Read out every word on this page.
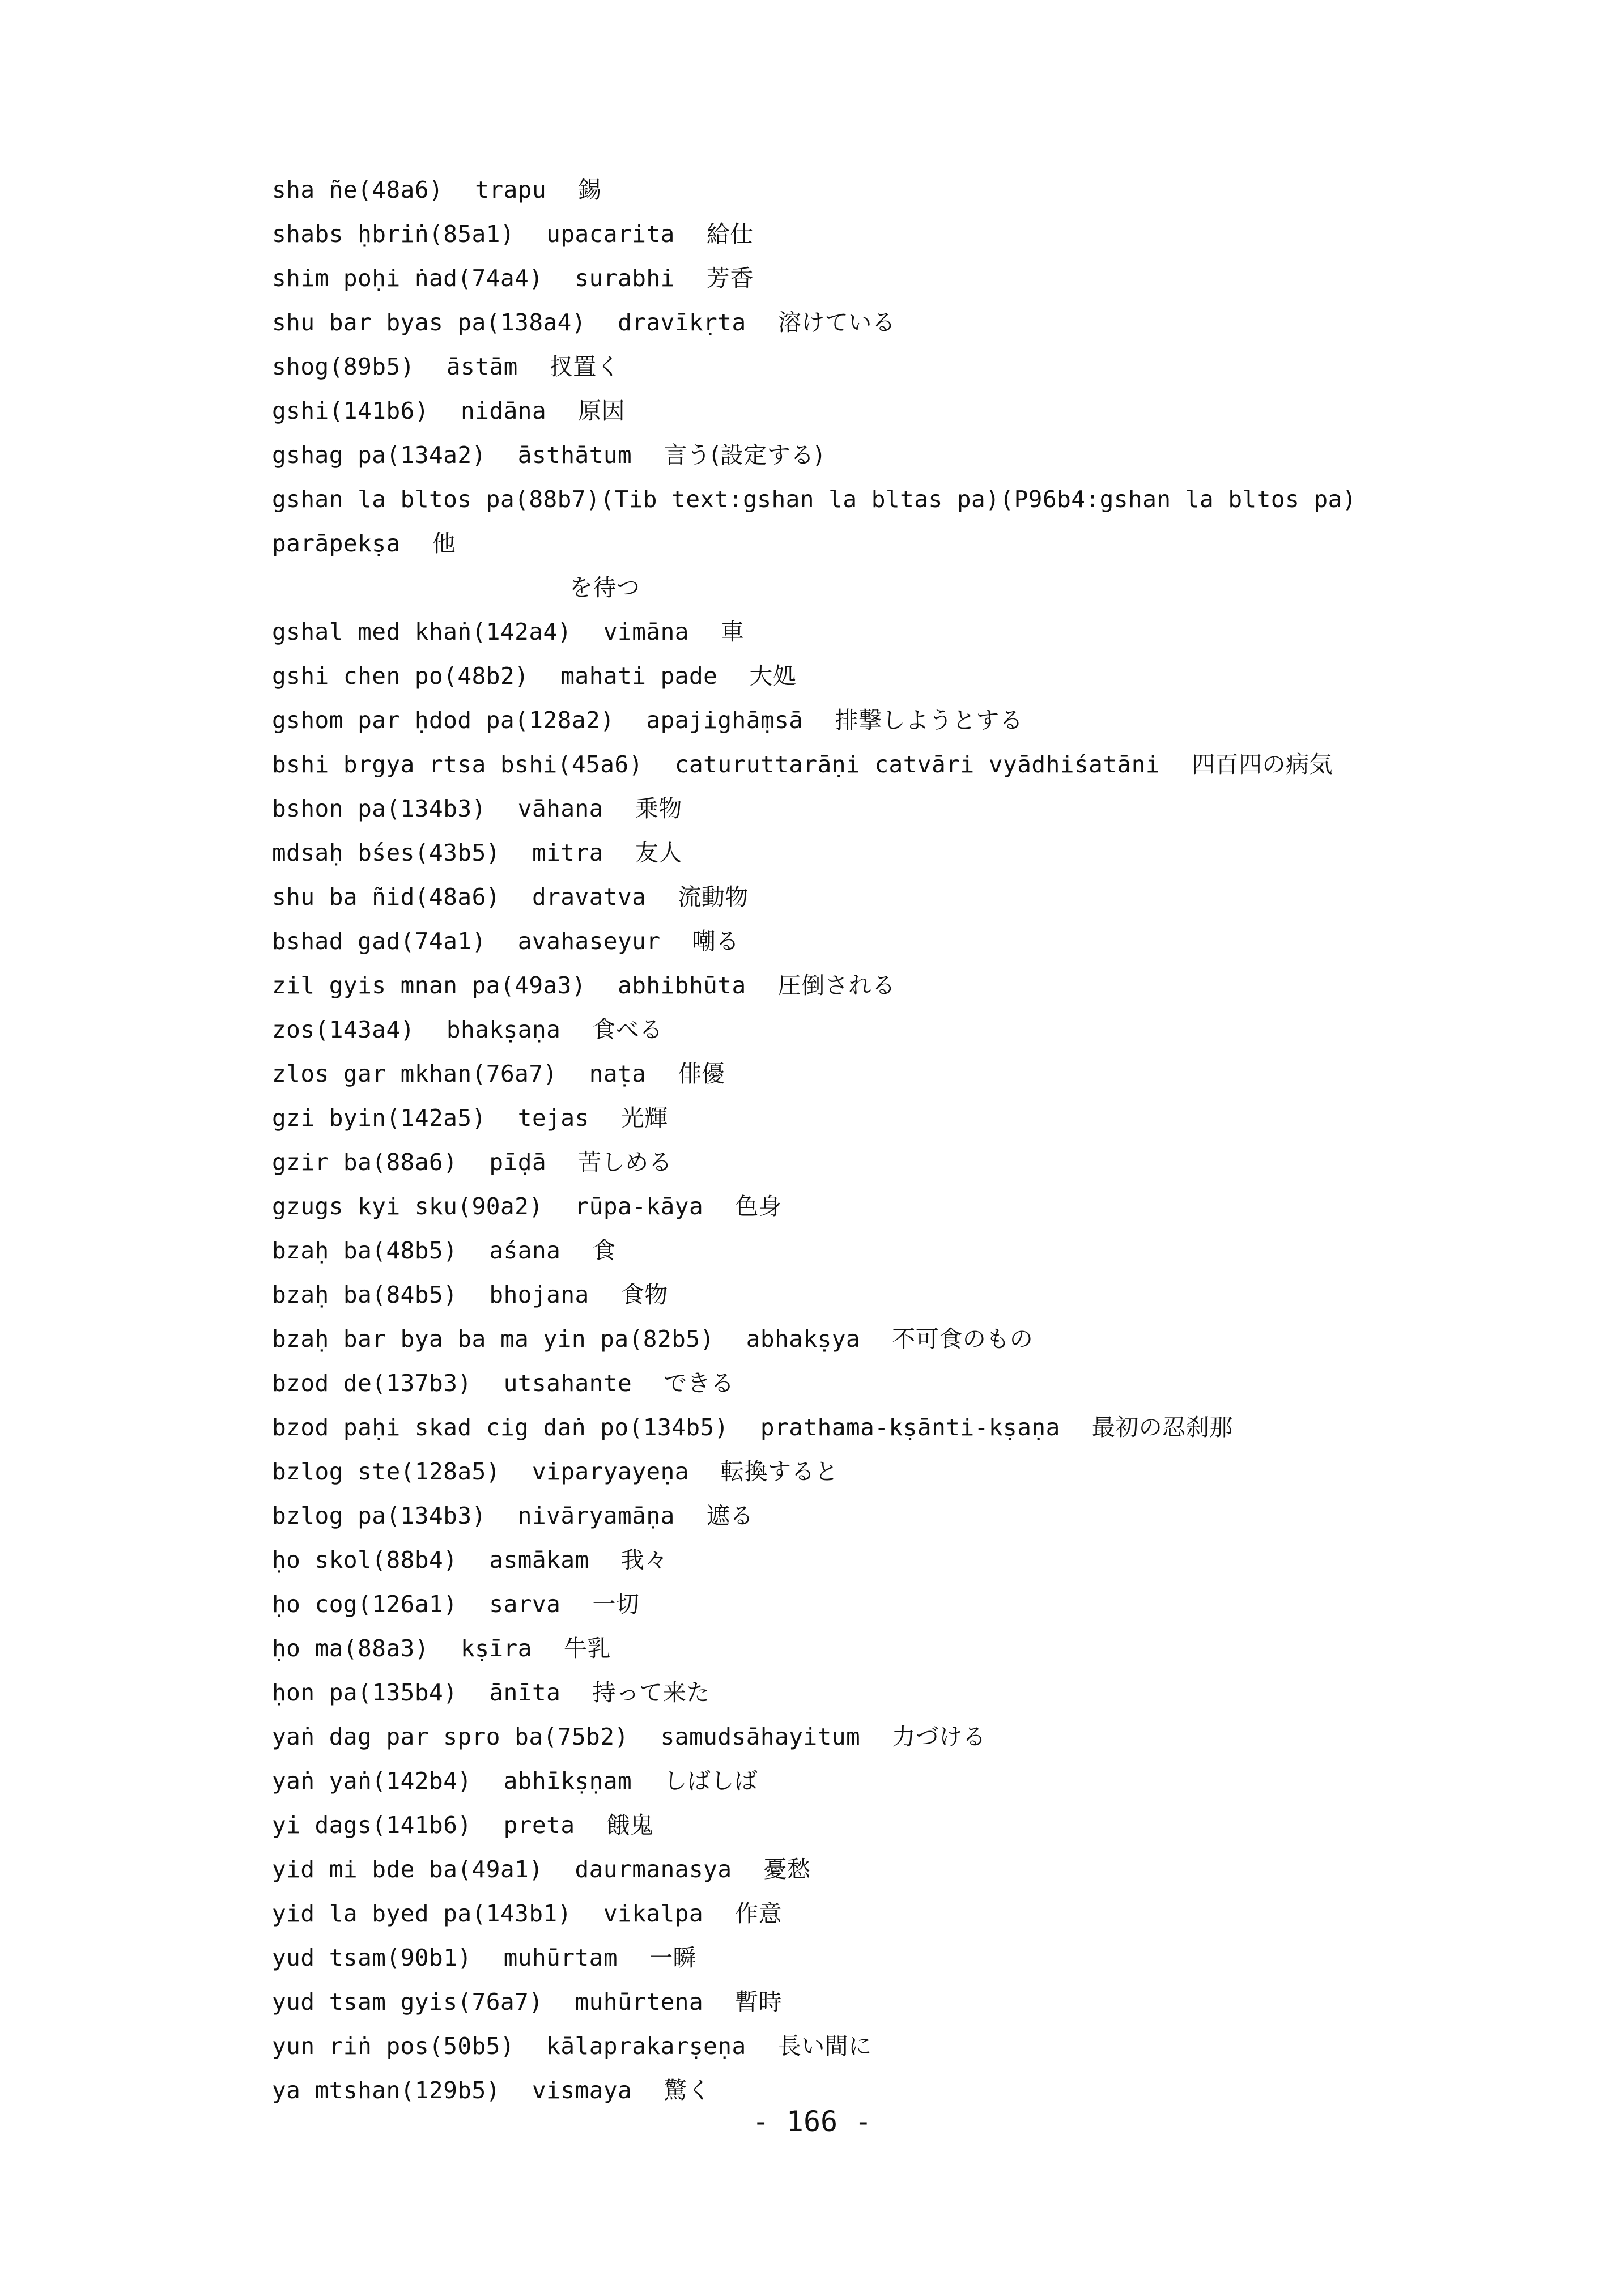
sha ñe(48a6) trapu 錫
shabs ḥbriṅ(85a1) upacarita 給仕
shim poḥi ṅad(74a4) surabhi 芳香
shu bar byas pa(138a4) dravīkṛta 溶けている
shog(89b5) āstām 扠置く
gshi(141b6) nidāna 原因
gshag pa(134a2) āsthātum 言う(設定する)
gshan la bltos pa(88b7)(Tib text:gshan la bltas pa)(P96b4:gshan la bltos pa)parāpekṣa 他
を待つ
gshal med khaṅ(142a4) vimāna 車
gshi chen po(48b2) mahati pade 大処
gshom par ḥdod pa(128a2) apajighāṃsā 排撃しようとする
bshi brgya rtsa bshi(45a6) caturuttarāṇi catvāri vyādhiśatāni 四百四の病気
bshon pa(134b3) vāhana 乗物
mdsaḥ bśes(43b5) mitra 友人
shu ba ñid(48a6) dravatva 流動物
bshad gad(74a1) avahaseyur 嘲る
zil gyis mnan pa(49a3) abhibhūta 圧倒される
zos(143a4) bhakṣaṇa 食べる
zlos gar mkhan(76a7) naṭa 俳優
gzi byin(142a5) tejas 光輝
gzir ba(88a6) pīḍā 苦しめる
gzugs kyi sku(90a2) rūpa-kāya 色身
bzaḥ ba(48b5) aśana 食
bzaḥ ba(84b5) bhojana 食物
bzaḥ bar bya ba ma yin pa(82b5) abhakṣya 不可食のもの
bzod de(137b3) utsahante できる
bzod paḥi skad cig daṅ po(134b5) prathama-kṣānti-kṣaṇa 最初の忍刹那
bzlog ste(128a5) viparyayeṇa 転換すると
bzlog pa(134b3) nivāryamāṇa 遮る
ḥo skol(88b4) asmākam 我々
ḥo cog(126a1) sarva 一切
ḥo ma(88a3) kṣīra 牛乳
ḥon pa(135b4) ānīta 持って来た
yaṅ dag par spro ba(75b2) samudsāhayitum 力づける
yaṅ yaṅ(142b4) abhīkṣṇam しばしば
yi dags(141b6) preta 餓鬼
yid mi bde ba(49a1) daurmanasya 憂愁
yid la byed pa(143b1) vikalpa 作意
yud tsam(90b1) muhūrtam 一瞬
yud tsam gyis(76a7) muhūrtena 暫時
yun riṅ pos(50b5) kālaprakarṣeṇa 長い間に
ya mtshan(129b5) vismaya 驚く
- 166 -
